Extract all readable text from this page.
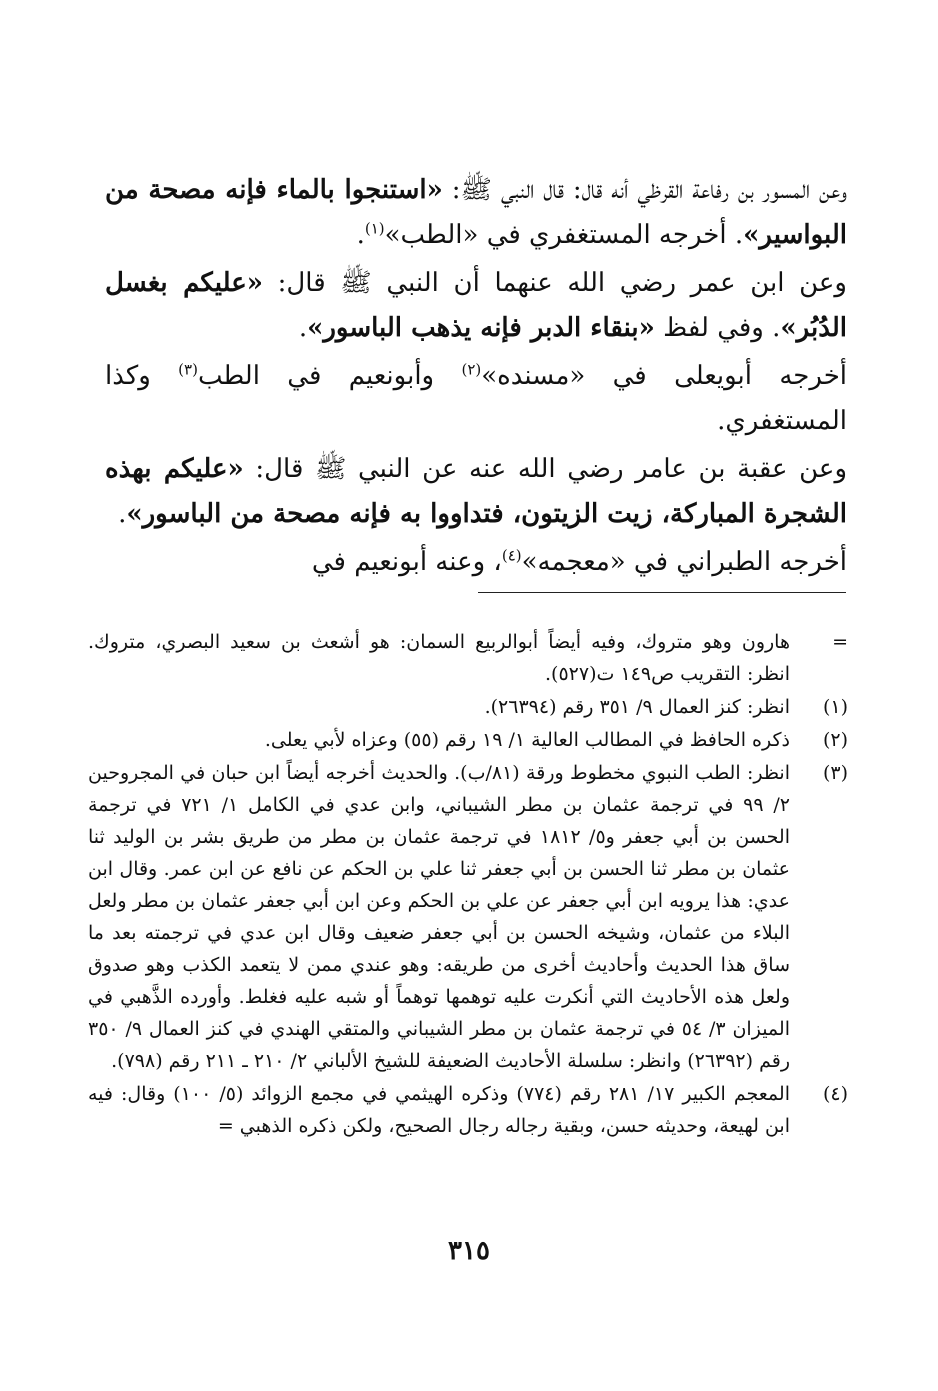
وعن المسور بن رفاعة القرظي أنه قال: قال النبي ﷺ: «استنجوا بالماء فإنه مصحة من البواسير». أخرجه المستغفري في «الطب»$^{(١)}$.

وعن ابن عمر رضي الله عنهما أن النبي ﷺ قال: «عليكم بغسل الدُبُر». وفي لفظ «بنقاء الدبر فإنه يذهب الباسور».

أخرجه أبويعلى في «مسنده»$^{(٢)}$ وأبونعيم في الطب$^{(٣)}$ وكذا المستغفري.

وعن عقبة بن عامر رضي الله عنه عن النبي ﷺ قال: «عليكم بهذه الشجرة المباركة، زيت الزيتون، فتداووا به فإنه مصحة من الباسور».

أخرجه الطبراني في «معجمه»$^{(٤)}$، وعنه أبونعيم في

=
هارون وهو متروك، وفيه أيضاً أبوالربيع السمان: هو أشعث بن سعيد البصري، متروك. انظر: التقريب ص١٤٩ ت(٥٢٧).
(١)
انظر: كنز العمال ٩/ ٣٥١ رقم (٢٦٣٩٤).
(٢)
ذكره الحافظ في المطالب العالية ١/ ١٩ رقم (٥٥) وعزاه لأبي يعلى.
(٣)
انظر: الطب النبوي مخطوط ورقة (٨١/ب). والحديث أخرجه أيضاً ابن حبان في المجروحين ٢/ ٩٩ في ترجمة عثمان بن مطر الشيباني، وابن عدي في الكامل ١/ ٧٢١ في ترجمة الحسن بن أبي جعفر و٥/ ١٨١٢ في ترجمة عثمان بن مطر من طريق بشر بن الوليد ثنا عثمان بن مطر ثنا الحسن بن أبي جعفر ثنا علي بن الحكم عن نافع عن ابن عمر. وقال ابن عدي: هذا يرويه ابن أبي جعفر عن علي بن الحكم وعن ابن أبي جعفر عثمان بن مطر ولعل البلاء من عثمان، وشيخه الحسن بن أبي جعفر ضعيف وقال ابن عدي في ترجمته بعد ما ساق هذا الحديث وأحاديث أخرى من طريقه: وهو عندي ممن لا يتعمد الكذب وهو صدوق ولعل هذه الأحاديث التي أنكرت عليه توهمها توهماً أو شبه عليه فغلط. وأورده الذَّهبي في الميزان ٣/ ٥٤ في ترجمة عثمان بن مطر الشيباني والمتقي الهندي في كنز العمال ٩/ ٣٥٠ رقم (٢٦٣٩٢) وانظر: سلسلة الأحاديث الضعيفة للشيخ الألباني ٢/ ٢١٠ ـ ٢١١ رقم (٧٩٨).
(٤)
المعجم الكبير ١٧/ ٢٨١ رقم (٧٧٤) وذكره الهيثمي في مجمع الزوائد (٥/ ١٠٠) وقال: فيه ابن لهيعة، وحديثه حسن، وبقية رجاله رجال الصحيح، ولكن ذكره الذهبي =
٣١٥
